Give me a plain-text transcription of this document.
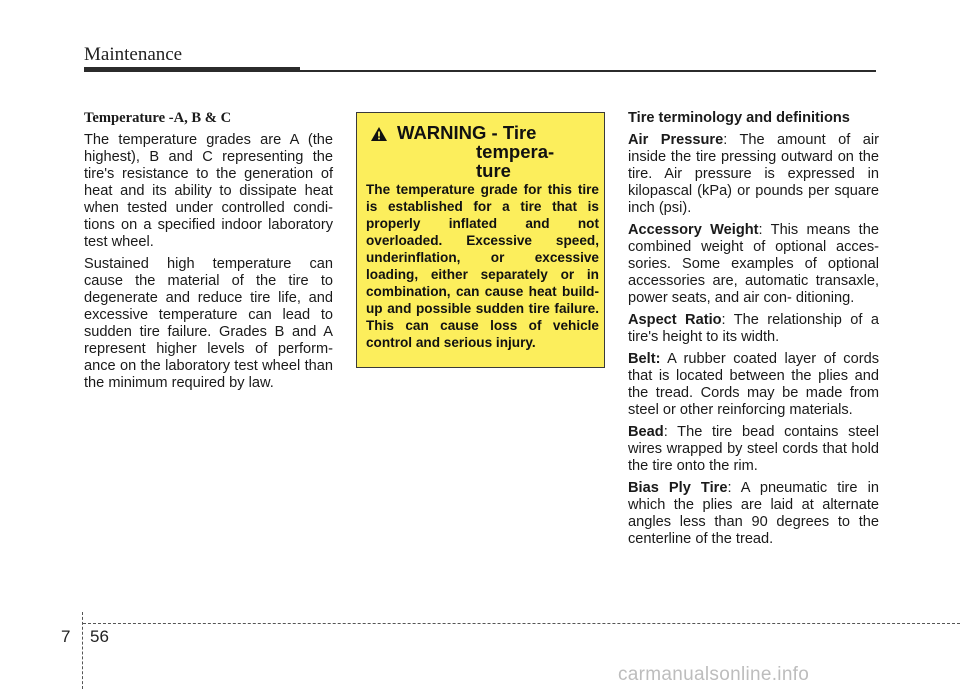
Maintenance

Temperature -A, B & C

The temperature grades are A (the highest), B and C representing the tire's resistance to the generation of heat and its ability to dissipate heat when tested under controlled condi- tions on a specified indoor laboratory test wheel.

Sustained high temperature can cause the material of the tire to degenerate and reduce tire life, and excessive temperature can lead to sudden tire failure. Grades B and A represent higher levels of perform- ance on the laboratory test wheel than the minimum required by law.

WARNING - Tire
tempera-
ture
The temperature grade for this tire is established for a tire that is properly inflated and not overloaded. Excessive speed, underinflation, or excessive loading, either separately or in combination, can cause heat build-up and possible sudden tire failure. This can cause loss of vehicle control and serious injury.

Tire terminology and definitions

Air Pressure: The amount of air inside the tire pressing outward on the tire. Air pressure is expressed in kilopascal (kPa) or pounds per square inch (psi).

Accessory Weight: This means the combined weight of optional acces- sories. Some examples of optional accessories are, automatic transaxle, power seats, and air con- ditioning.

Aspect Ratio: The relationship of a tire's height to its width.

Belt: A rubber coated layer of cords that is located between the plies and the tread. Cords may be made from steel or other reinforcing materials.

Bead: The tire bead contains steel wires wrapped by steel cords that hold the tire onto the rim.

Bias Ply Tire: A pneumatic tire in which the plies are laid at alternate angles less than 90 degrees to the centerline of the tread.

7 56
carmanualsonline.info
